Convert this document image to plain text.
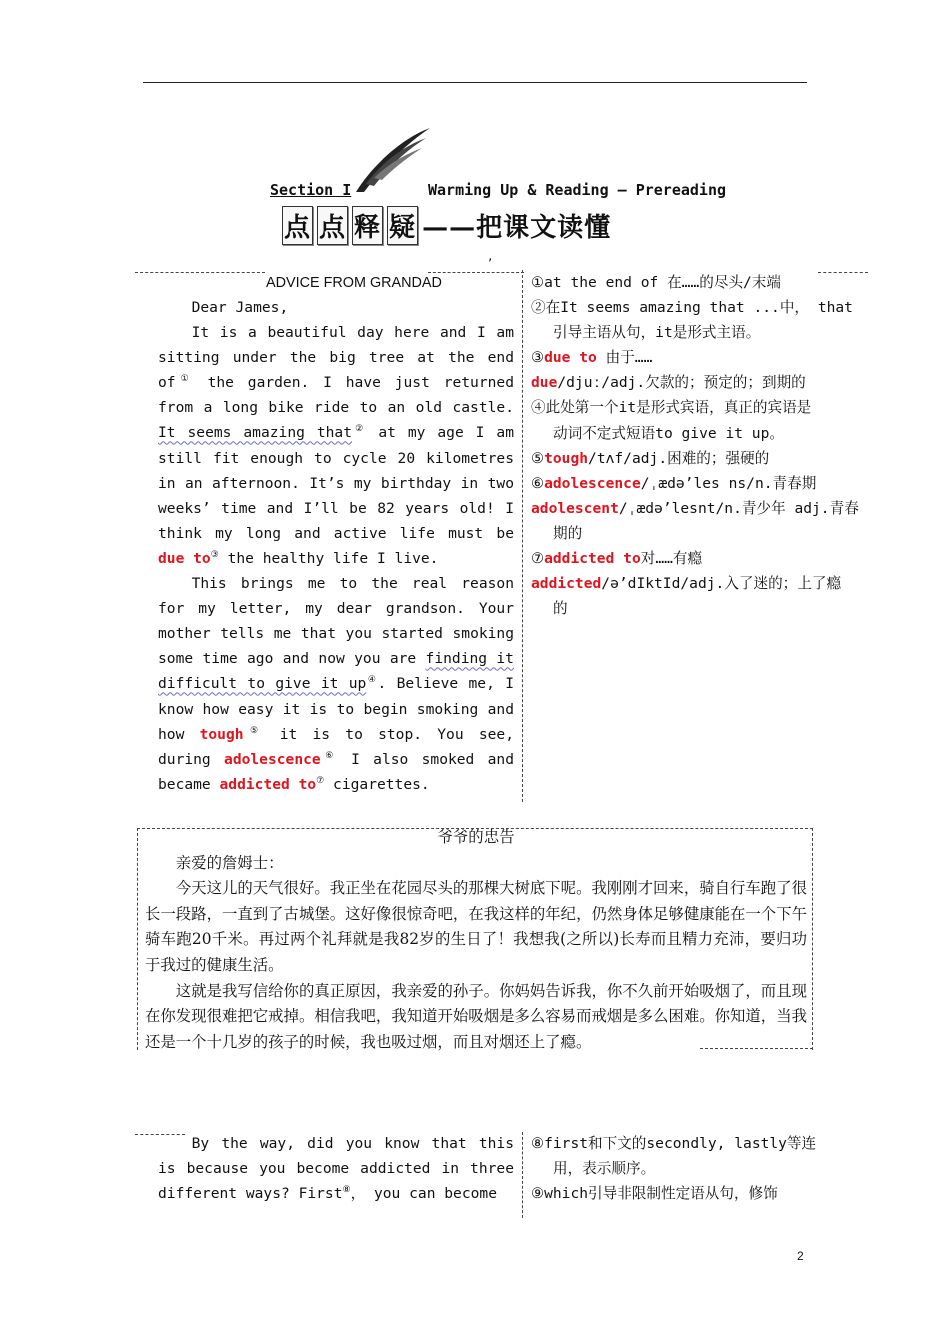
Section I	Warming Up & Reading — Prereading
点 点 释 疑 ——把课文读懂
,
ADVICE FROM GRANDAD

Dear James,

It is a beautiful day here and I am sitting under the big tree at the end of① the garden. I have just returned from a long bike ride to an old castle. It seems amazing that② at my age I am still fit enough to cycle 20 kilometres in an afternoon. It’s my birthday in two weeks’ time and I’ll be 82 years old! I think my long and active life must be due to③ the healthy life I live.

This brings me to the real reason for my letter, my dear grandson. Your mother tells me that you started smoking some time ago and now you are finding it difficult to give it up④. Believe me, I know how easy it is to begin smoking and how tough⑤ it is to stop. You see, during adolescence⑥ I also smoked and became addicted to⑦ cigarettes.

①at the end of 在……的尽头/末端
②在It seems amazing that ...中， that
引导主语从句，it是形式主语。
③due to 由于……
due/djuː/adj.欠款的；预定的；到期的
④此处第一个it是形式宾语，真正的宾语是
动词不定式短语to give it up。
⑤tough/tʌf/adj.困难的；强硬的
⑥adolescence/ˌædə’les ns/n.青春期
adolescent/ˌædə’lesnt/n.青少年 adj.青春
期的
⑦addicted to对……有瘾
addicted/ə’dIktId/adj.入了迷的；上了瘾
的

爷爷的忠告

亲爱的詹姆士：

今天这儿的天气很好。我正坐在花园尽头的那棵大树底下呢。我刚刚才回来，骑自行车跑了很长一段路，一直到了古城堡。这好像很惊奇吧，在我这样的年纪，仍然身体足够健康能在一个下午骑车跑20千米。再过两个礼拜就是我82岁的生日了！我想我(之所以)长寿而且精力充沛，要归功于我过的健康生活。

这就是我写信给你的真正原因，我亲爱的孙子。你妈妈告诉我，你不久前开始吸烟了，而且现在你发现很难把它戒掉。相信我吧，我知道开始吸烟是多么容易而戒烟是多么困难。你知道，当我还是一个十几岁的孩子的时候，我也吸过烟，而且对烟还上了瘾。

By the way, did you know that this is because you become addicted in three different ways? First⑧， you can become

⑧first和下文的secondly, lastly等连
用，表示顺序。
⑨which引导非限制性定语从句，修饰
2
